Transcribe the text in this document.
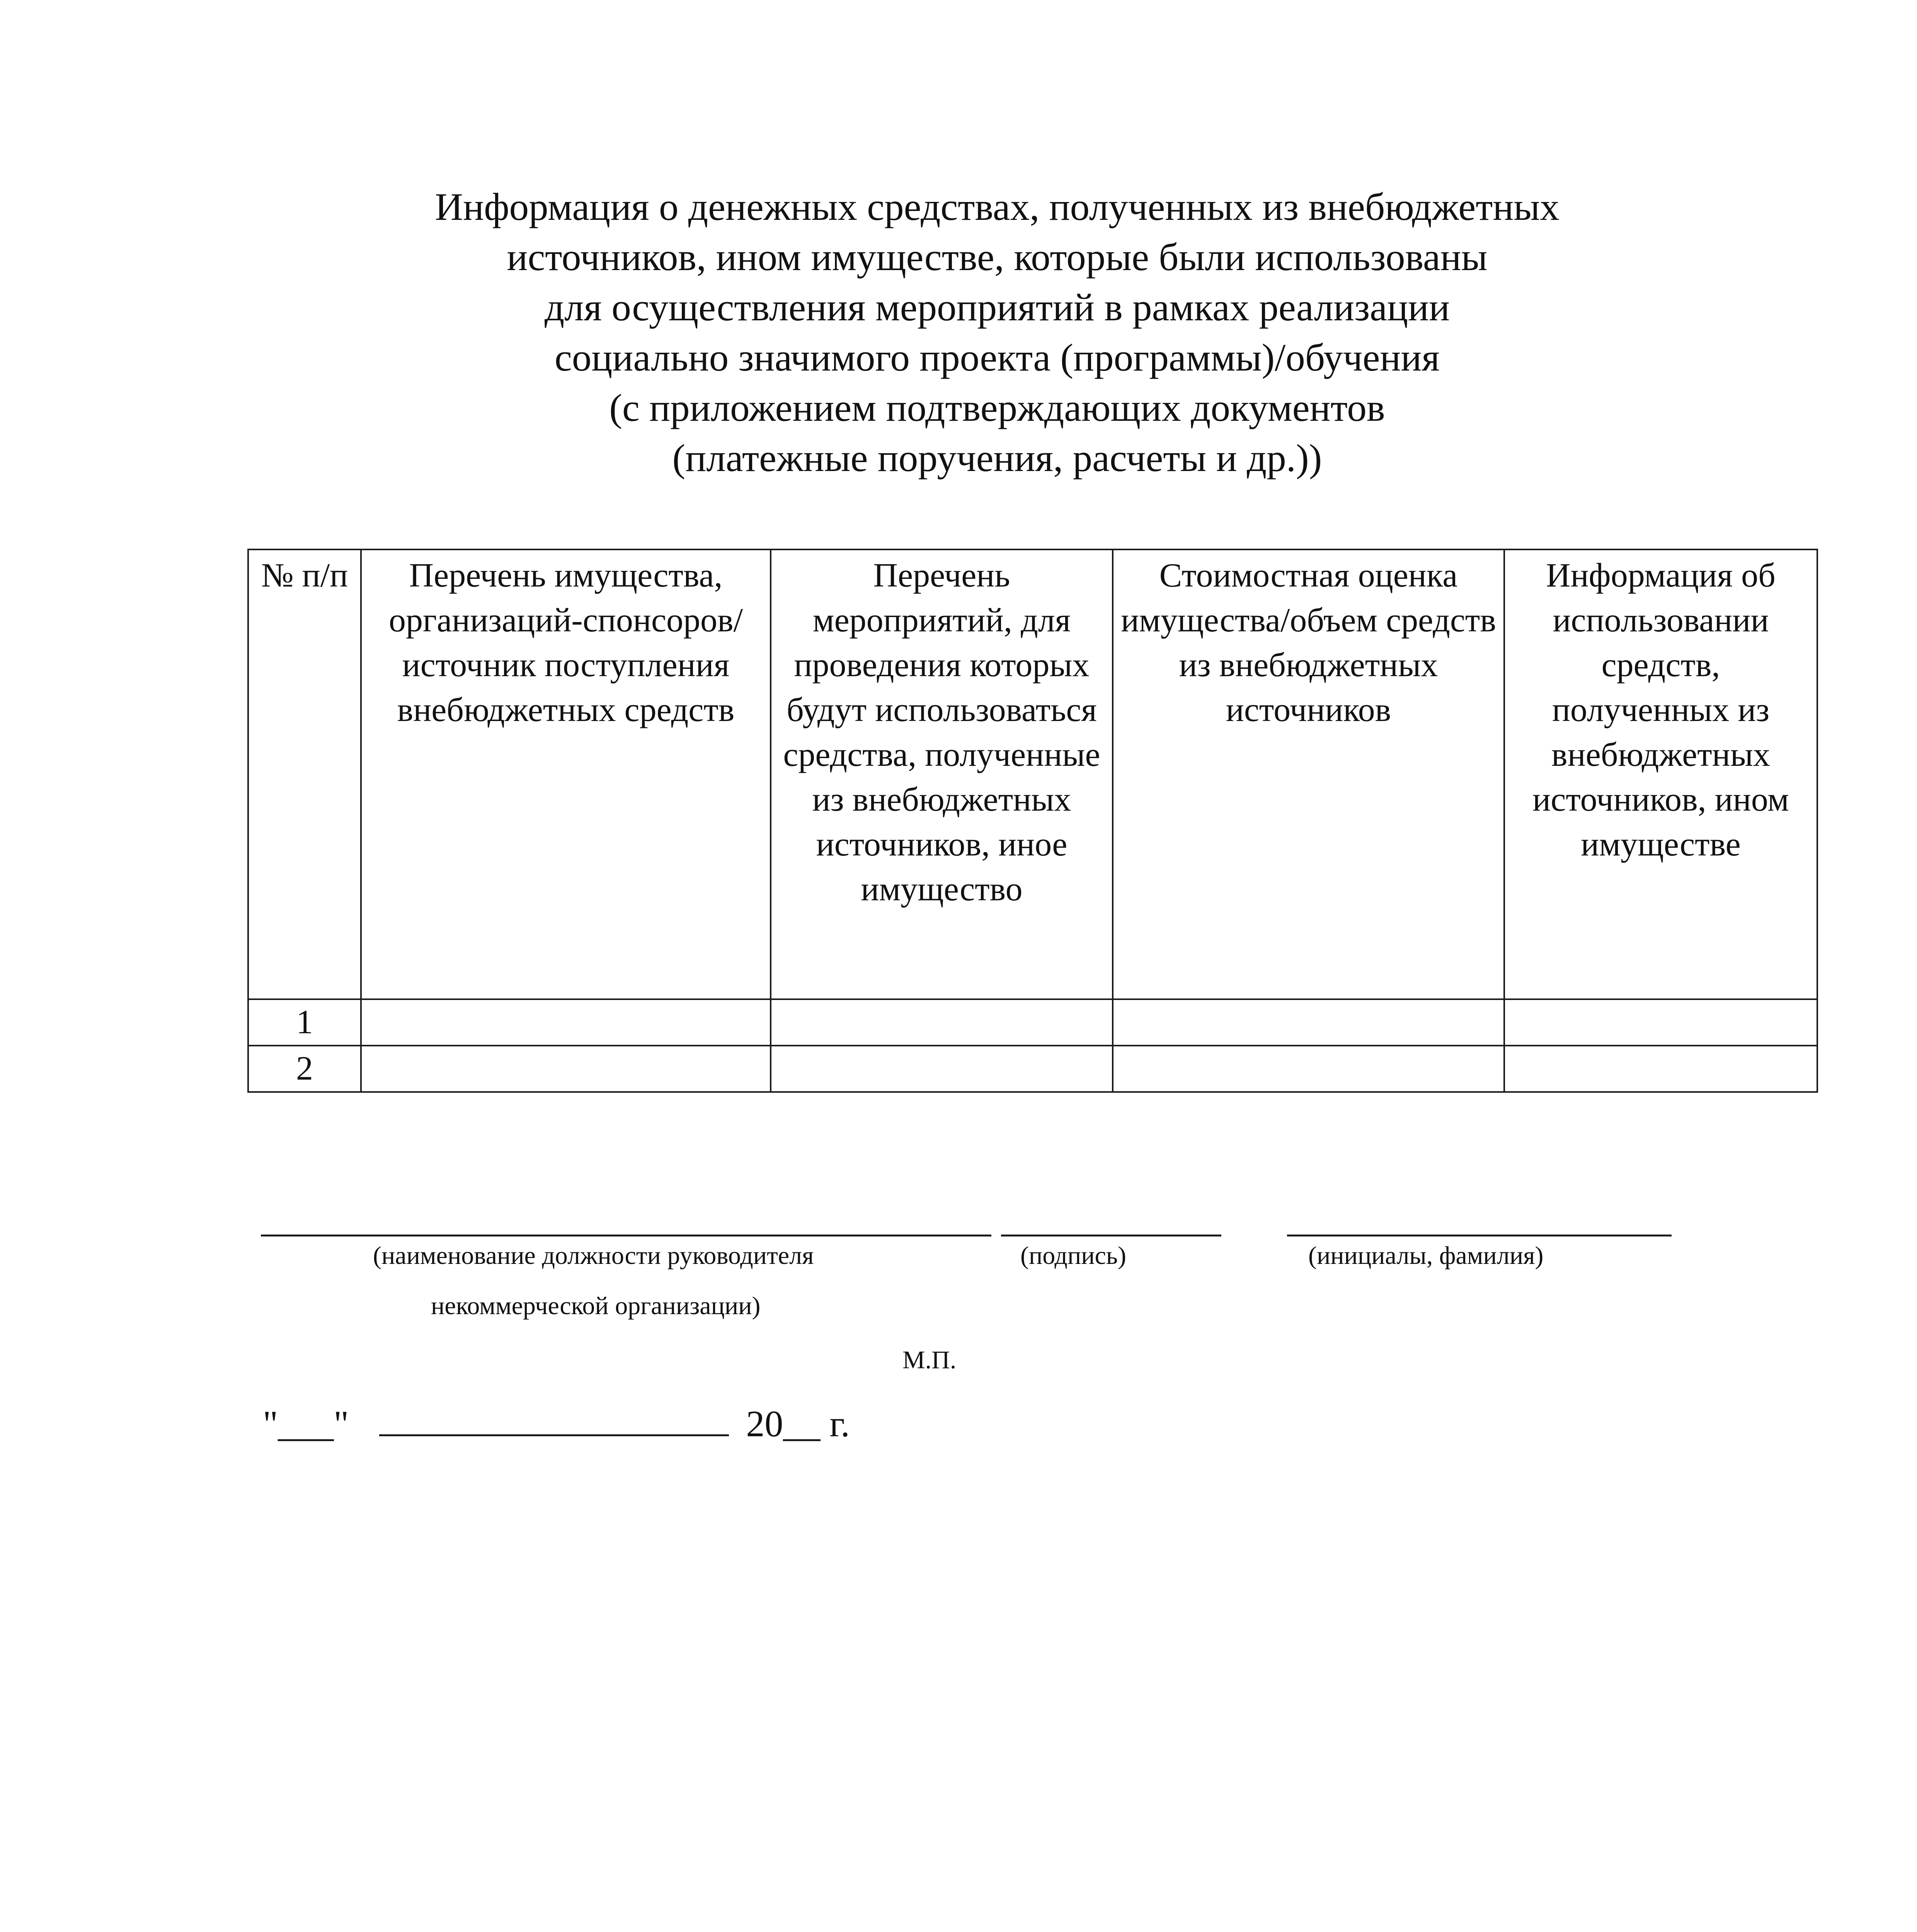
Информация о денежных средствах, полученных из внебюджетных
источников, ином имуществе, которые были использованы
для осуществления мероприятий в рамках реализации
социально значимого проекта (программы)/обучения
(с приложением подтверждающих документов
(платежные поручения, расчеты и др.))
№ п/п	Перечень имущества, организаций-спонсоров/ источник поступления внебюджетных средств	Перечень мероприятий, для проведения которых будут использоваться средства, полученные из внебюджетных источников, иное имущество	Стоимостная оценка имущества/объем средств из внебюджетных источников	Информация об использовании средств, полученных из внебюджетных источников, ином имуществе
1				
2				
(наименование должности руководителя
некоммерческой организации)
(подпись)	(инициалы, фамилия)
М.П.
"___"	20__ г.
